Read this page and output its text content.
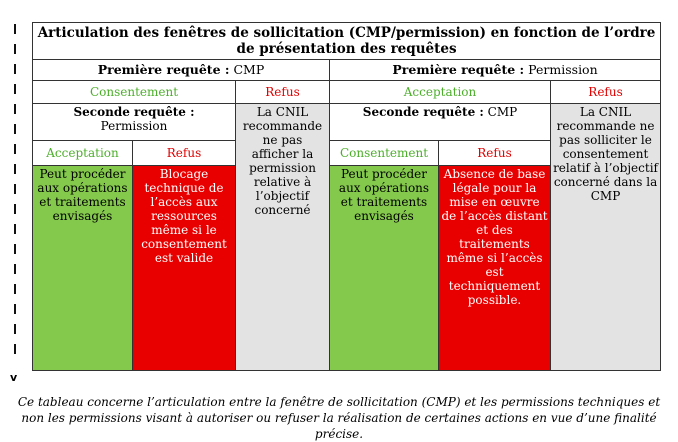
v
Articulation des fenêtres de sollicitation (CMP/permission) en fonction de l’ordre de présentation des requêtes					
Première requête : CMP			Première requête : Permission		
Consentement		Refus	Acceptation		Refus
Seconde requête :
Permission		La CNIL recommande ne pas afficher la permission relative à l’objectif concerné	Seconde requête : CMP		La CNIL recommande ne pas solliciter le consentement relatif à l’objectif concerné dans la CMP
Acceptation	Refus		Consentement	Refus	
Peut procéder aux opérations et traitements envisagés	Blocage technique de l’accès aux ressources même si le consentement est valide		Peut procéder aux opérations et traitements envisagés	Absence de base légale pour la mise en œuvre de l’accès distant et des traitements même si l’accès est techniquement possible.	
Ce tableau concerne l’articulation entre la fenêtre de sollicitation (CMP) et les permissions techniques et non les permissions visant à autoriser ou refuser la réalisation de certaines actions en vue d’une finalité précise.
